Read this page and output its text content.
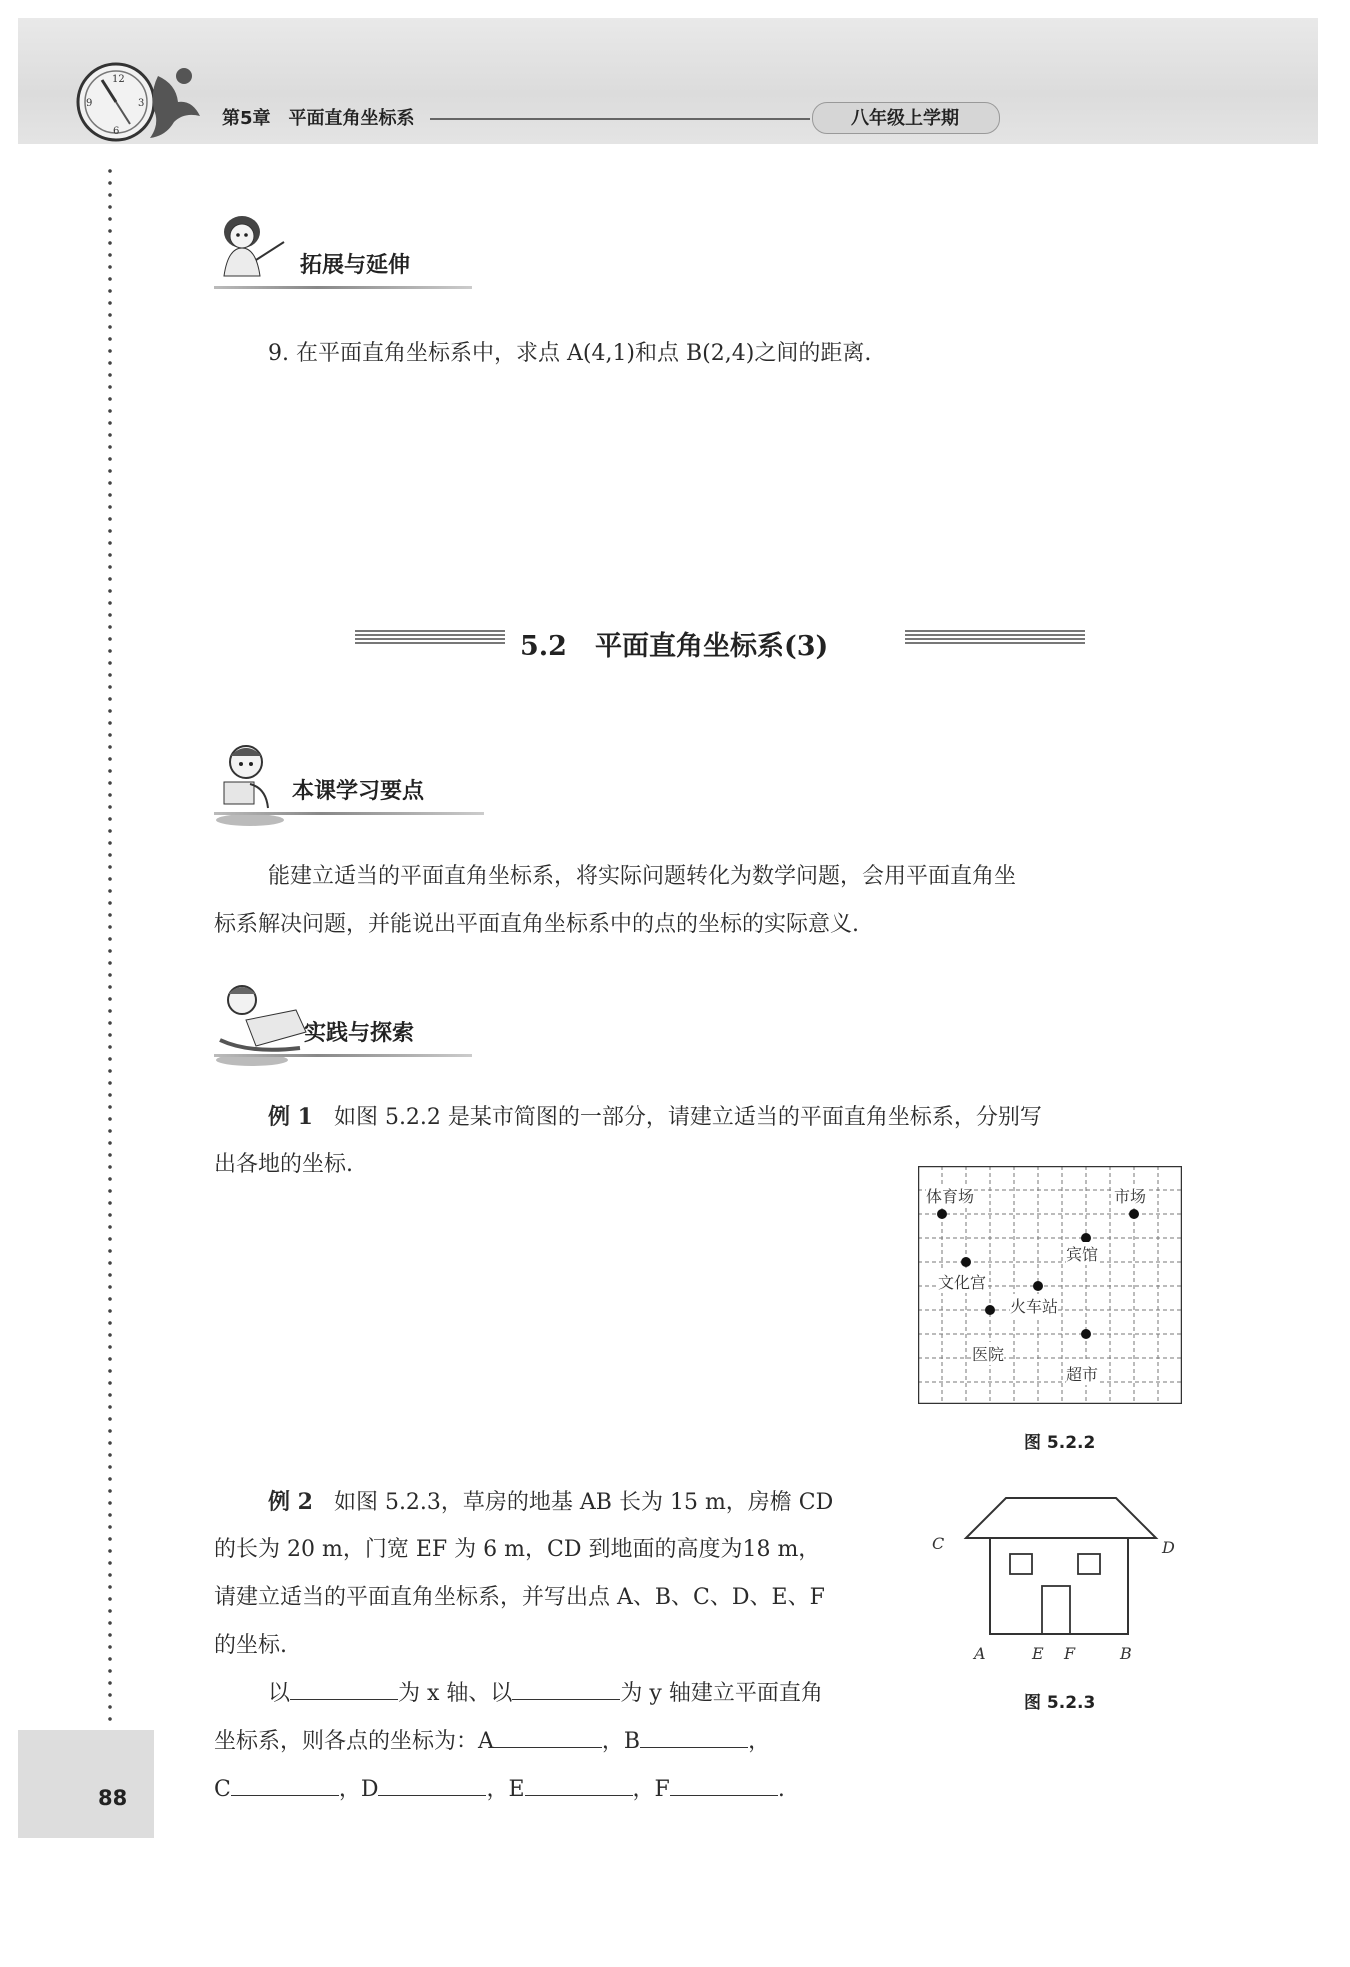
12
3
6
9
第5章 平面直角坐标系	八年级上学期
拓展与延伸
9. 在平面直角坐标系中，求点 A(4,1)和点 B(2,4)之间的距离.
5.2 平面直角坐标系(3)
本课学习要点
能建立适当的平面直角坐标系，将实际问题转化为数学问题，会用平面直角坐
标系解决问题，并能说出平面直角坐标系中的点的坐标的实际意义.
实践与探索
例 1 如图 5.2.2 是某市简图的一部分，请建立适当的平面直角坐标系，分别写
出各地的坐标.
体育场	市场
宾馆
文化宫
火车站
医院
超市
图 5.2.2
例 2 如图 5.2.3，草房的地基 AB 长为 15 m，房檐 CD
的长为 20 m，门宽 EF 为 6 m，CD 到地面的高度为18 m，
请建立适当的平面直角坐标系，并写出点 A、B、C、D、E、F
的坐标.
以	为 x 轴、以	为 y 轴建立平面直角
坐标系，则各点的坐标为：A	，B	，
C	，D	，E	，F	.
C	D
A	E F	B
图 5.2.3
88
